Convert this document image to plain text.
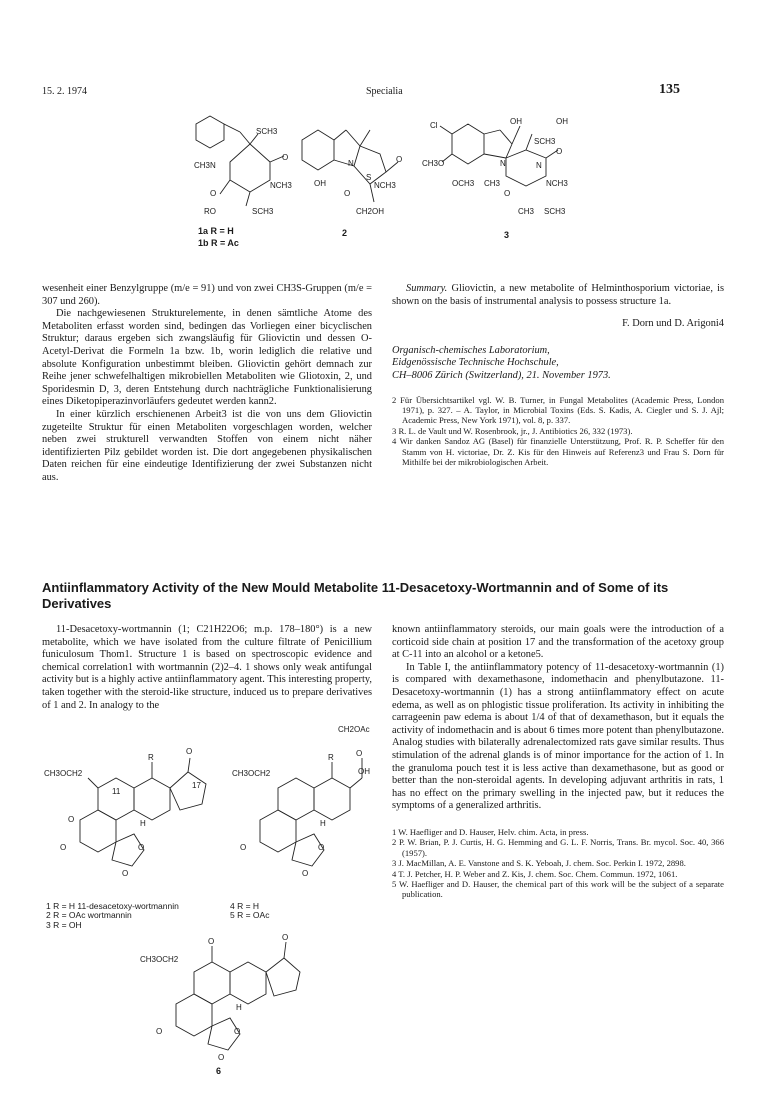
15. 2. 1974	Specialia	135
SCH3
O
CH3N
NCH3
O
RO	SCH3
1a R = H
1b R = Ac
N
S
O
NCH3
OH
O
CH2OH
2
Cl	OH	OH
SCH3
O
CH3O	N	N
OCH3 CH3	NCH3
O
CH3 SCH3
3

wesenheit einer Benzylgruppe (m/e = 91) und von zwei CH3S-Gruppen (m/e = 307 und 260).

Die nachgewiesenen Strukturelemente, in denen sämtliche Atome des Metaboliten erfasst worden sind, bedingen das Vorliegen einer bicyclischen Struktur; daraus ergeben sich zwangsläufig für Gliovictin und dessen O-Acetyl-Derivat die Formeln 1a bzw. 1b, worin lediglich die relative und absolute Konfiguration unbestimmt bleiben. Gliovictin gehört demnach zur Reihe jener schwefelhaltigen mikrobiellen Metaboliten wie Gliotoxin, 2, und Sporidesmin D, 3, deren Entstehung durch nachträgliche Funktionalisierung eines Diketopiperazinvorläufers gedeutet werden kann2.

In einer kürzlich erschienenen Arbeit3 ist die von uns dem Gliovictin zugeteilte Struktur für einen Metaboliten vorgeschlagen worden, welcher neben zwei strukturell verwandten Stoffen von einem nicht näher identifizierten Pilz gebildet worden ist. Die dort angegebenen physikalischen Daten reichen für eine eindeutige Identifizierung der zwei Substanzen nicht aus.

Summary. Gliovictin, a new metabolite of Helminthosporium victoriae, is shown on the basis of instrumental analysis to possess structure 1a.

F. Dorn und D. Arigoni4

Organisch-chemisches Laboratorium,

Eidgenössische Technische Hochschule,

CH–8006 Zürich (Switzerland), 21. November 1973.

2 Für Übersichtsartikel vgl. W. B. Turner, in Fungal Metabolites (Academic Press, London 1971), p. 327. – A. Taylor, in Microbial Toxins (Eds. S. Kadis, A. Ciegler und S. J. Ajl; Academic Press, New York 1971), vol. 8, p. 337.
3 R. L. de Vault und W. Rosenbrook, jr., J. Antibiotics 26, 332 (1973).
4 Wir danken Sandoz AG (Basel) für finanzielle Unterstützung, Prof. R. P. Scheffer für den Stamm von H. victoriae, Dr. Z. Kis für den Hinweis auf Referenz3 und Frau S. Dorn für Mithilfe bei der mikrobiologischen Arbeit.
Antiinflammatory Activity of the New Mould Metabolite 11-Desacetoxy-Wortmannin and of Some of its Derivatives

11-Desacetoxy-wortmannin (1; C21H22O6; m.p. 178–180°) is a new metabolite, which we have isolated from the culture filtrate of Penicillium funiculosum Thom1. Structure 1 is based on spectroscopic evidence and chemical correlation1 with wortmannin (2)2–4. 1 shows only weak antifungal activity but is a highly active antiinflammatory agent. This interesting property, taken together with the steroid-like structure, induced us to prepare derivatives of 1 and 2. In analogy to the

R
O
CH3OCH2
11
17
H
O
O	O
O
R
CH2OAc
O
OH
CH3OCH2
H
O	O
O
1 R = H 11-desacetoxy-wortmannin
2 R = OAc wortmannin
3 R = OH
4 R = H
5 R = OAc
O	O
CH3OCH2
H
O	O
O
6

known antiinflammatory steroids, our main goals were the introduction of a corticoid side chain at position 17 and the transformation of the acetoxy group at C-11 into an alcohol or a ketone5.

In Table I, the antiinflammatory potency of 11-desacetoxy-wortmannin (1) is compared with dexamethasone, indomethacin and phenylbutazone. 11-Desacetoxy-wortmannin (1) has a strong antiinflammatory effect on acute edema, as well as on phlogistic tissue proliferation. Its activity in inhibiting the carrageenin paw edema is about 1/4 of that of dexamethason, but it equals the activity of indomethacin and is about 6 times more potent than phenylbutazone. Analog studies with bilaterally adrenalectomized rats gave similar results. Thus stimulation of the adrenal glands is of minor importance for the action of 1. In the granuloma pouch test it is less active than dexamethasone, but as good or better than the non-steroidal agents. In developing adjuvant arthritis in rats, 1 has no effect on the primary swelling in the injected paw, but it reduces the symptoms of a generalized arthritis.

1 W. Haefliger and D. Hauser, Helv. chim. Acta, in press.
2 P. W. Brian, P. J. Curtis, H. G. Hemming and G. L. F. Norris, Trans. Br. mycol. Soc. 40, 366 (1957).
3 J. MacMillan, A. E. Vanstone and S. K. Yeboah, J. chem. Soc. Perkin I. 1972, 2898.
4 T. J. Petcher, H. P. Weber and Z. Kis, J. chem. Soc. Chem. Commun. 1972, 1061.
5 W. Haefliger and D. Hauser, the chemical part of this work will be the subject of a separate publication.
